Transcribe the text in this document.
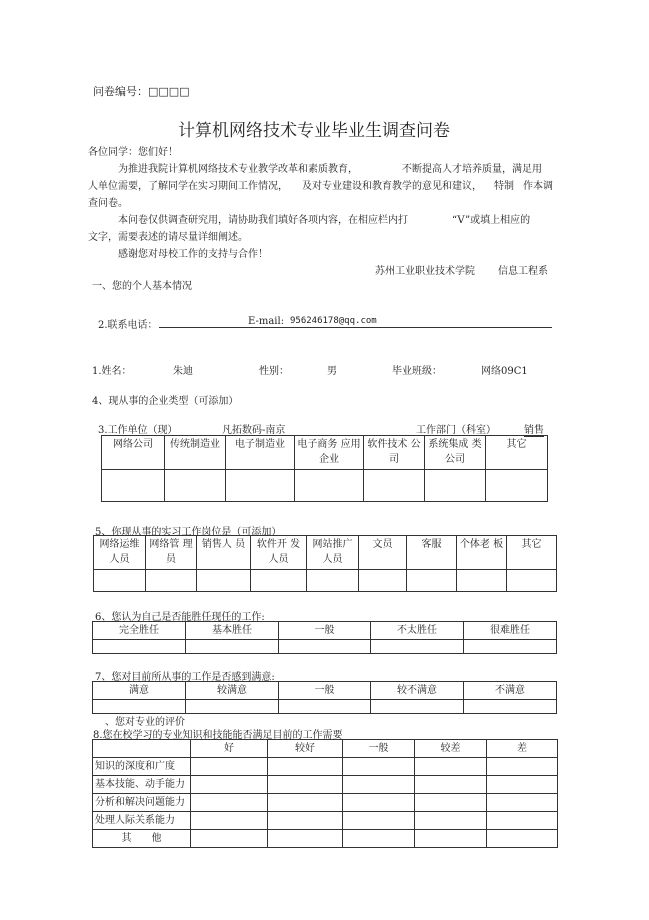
问卷编号：□□□□
计算机网络技术专业毕业生调查问卷
各位同学：您们好！
为推进我院计算机网络技术专业教学改革和素质教育，	不断提高人才培养质量，满足用
人单位需要，了解同学在实习期间工作情况， 及对专业建设和教育教学的意见和建议， 特制 作本调
查问卷。
本问卷仅供调查研究用，请协助我们填好各项内容，在相应栏内打	“V”或填上相应的
文字，需要表述的请尽量详细阐述。
感谢您对母校工作的支持与合作！
苏州工业职业技术学院 信息工程系
一、您的个人基本情况
2.联系电话：	E-mail: 956246178@qq.com
1.姓名：	朱迪	性别：	男	毕业班级：	网络09C1
4、现从事的企业类型（可添加）
3.工作单位（现）	凡拓数码-南京	工作部门（科室）	销售
网络公司	传统制造业	电子制造业	电子商务 应用企业	软件技术 公司	系统集成 类公司	其它

5、你现从事的实习工作岗位是（可添加）
网络运维人员	网络管 理员	销售人 员	软件开 发人员	网站推广人员	文员	客服	个体老 板	其它

6、您认为自己是否能胜任现任的工作:
完全胜任	基本胜任	一般	不太胜任	很难胜任

7、您对目前所从事的工作是否感到满意:
满意	较满意	一般	较不满意	不满意

、您对专业的评价
8.您在校学习的专业知识和技能能否满足目前的工作需要
	好	较好	一般	较差	差
知识的深度和广度					
基本技能、动手能力					
分析和解决问题能力					
处理人际关系能力					
其　　他					
